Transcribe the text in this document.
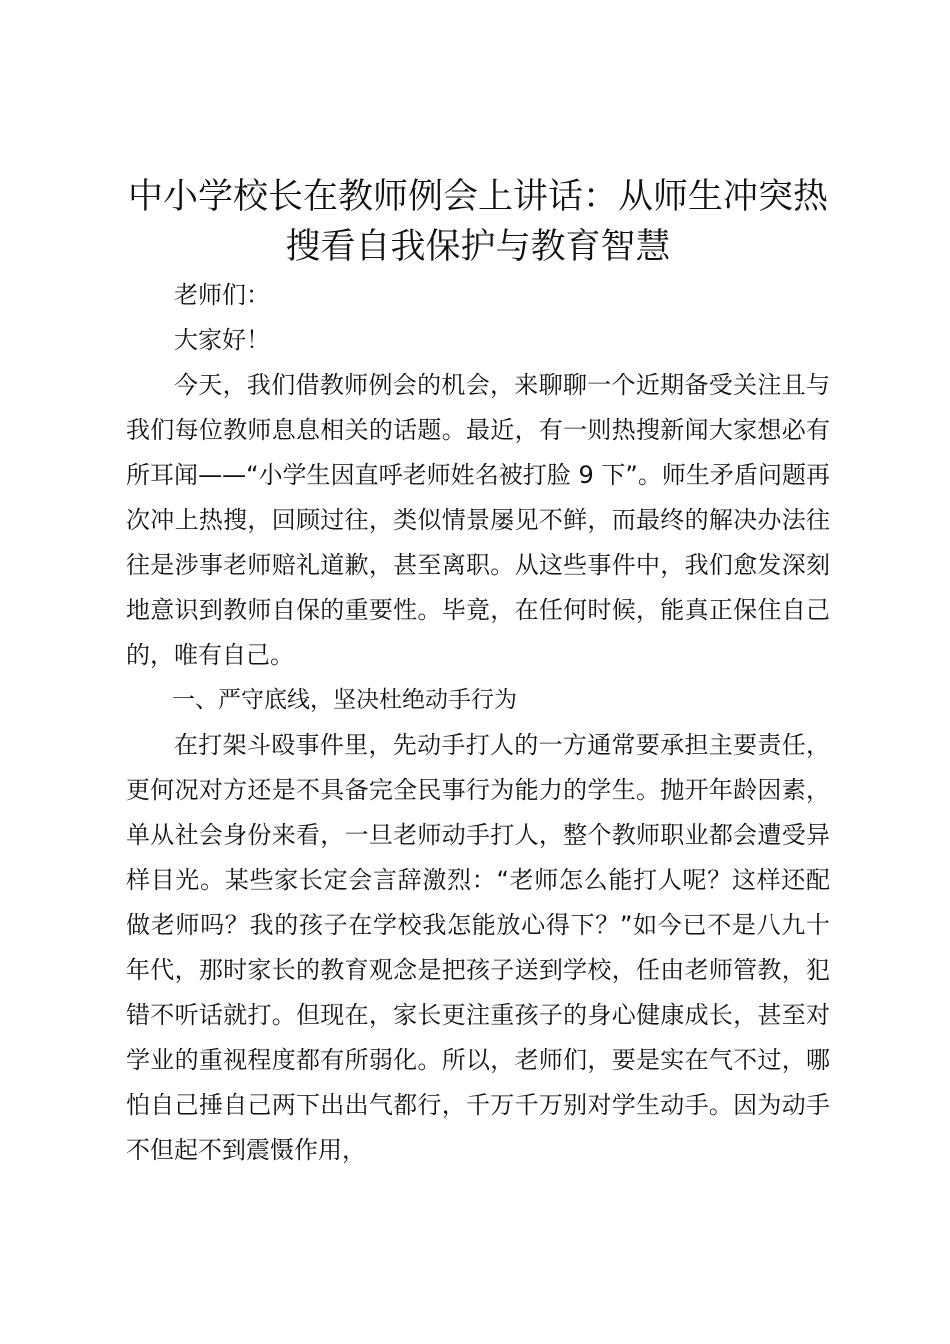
中小学校长在教师例会上讲话：从师生冲突热搜看自我保护与教育智慧

老师们：

大家好！

今天，我们借教师例会的机会，来聊聊一个近期备受关注且与我们每位教师息息相关的话题。最近，有一则热搜新闻大家想必有所耳闻——“小学生因直呼老师姓名被打脸 9 下”。师生矛盾问题再次冲上热搜，回顾过往，类似情景屡见不鲜，而最终的解决办法往往是涉事老师赔礼道歉，甚至离职。从这些事件中，我们愈发深刻地意识到教师自保的重要性。毕竟，在任何时候，能真正保住自己的，唯有自己。

一、严守底线，坚决杜绝动手行为

在打架斗殴事件里，先动手打人的一方通常要承担主要责任，更何况对方还是不具备完全民事行为能力的学生。抛开年龄因素，单从社会身份来看，一旦老师动手打人，整个教师职业都会遭受异样目光。某些家长定会言辞激烈：“老师怎么能打人呢？这样还配做老师吗？我的孩子在学校我怎能放心得下？”如今已不是八九十年代，那时家长的教育观念是把孩子送到学校，任由老师管教，犯错不听话就打。但现在，家长更注重孩子的身心健康成长，甚至对学业的重视程度都有所弱化。所以，老师们，要是实在气不过，哪怕自己捶自己两下出出气都行，千万千万别对学生动手。因为动手不但起不到震慑作用，
